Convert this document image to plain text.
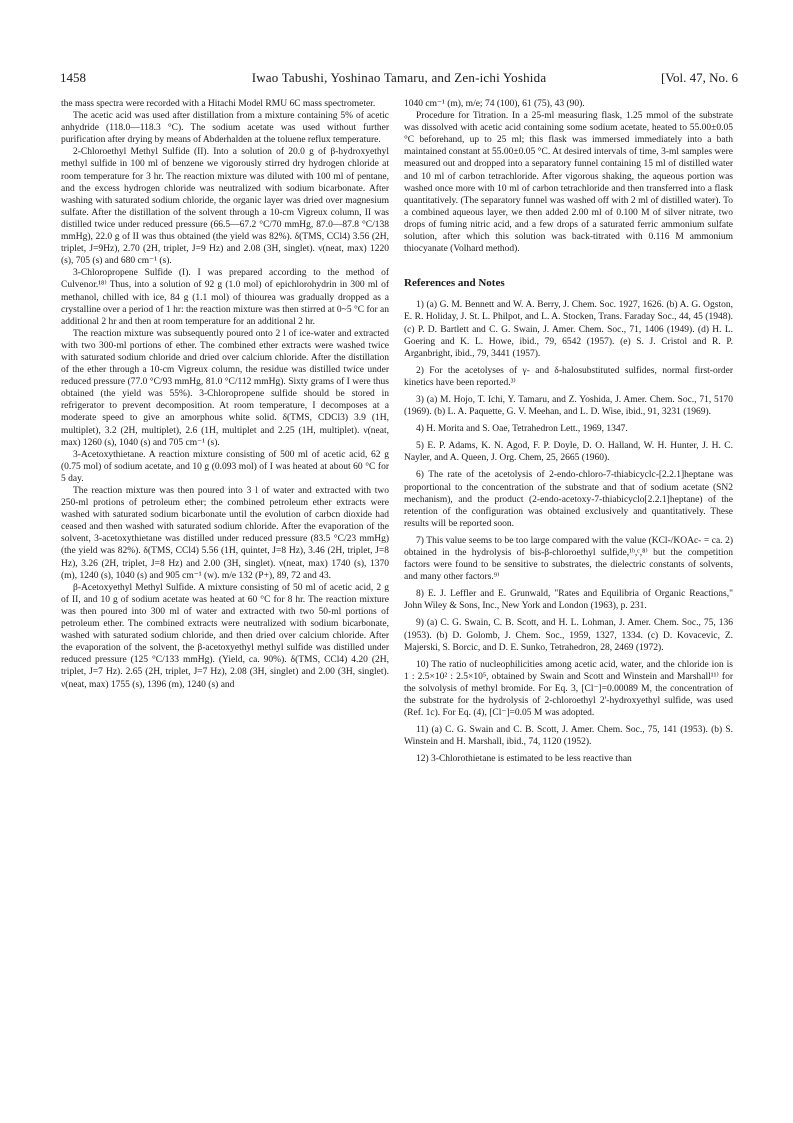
1458	Iwao Tabushi, Yoshinao Tamaru, and Zen-ichi Yoshida	[Vol. 47, No. 6

the mass spectra were recorded with a Hitachi Model RMU 6C mass spectrometer.

The acetic acid was used after distillation from a mixture containing 5% of acetic anhydride (118.0—118.3 °C). The sodium acetate was used without further purification after drying by means of Abderhalden at the toluene reflux temperature.

2-Chloroethyl Methyl Sulfide (II). Into a solution of 20.0 g of β-hydroxyethyl methyl sulfide in 100 ml of benzene we vigorously stirred dry hydrogen chloride at room temperature for 3 hr. The reaction mixture was diluted with 100 ml of pentane, and the excess hydrogen chloride was neutralized with sodium bicarbonate. After washing with saturated sodium chloride, the organic layer was dried over magnesium sulfate. After the distillation of the solvent through a 10-cm Vigreux column, II was distilled twice under reduced pressure (66.5—67.2 °C/70 mmHg, 87.0—87.8 °C/138 mmHg), 22.0 g of II was thus obtained (the yield was 82%). δ(TMS, CCl4) 3.56 (2H, triplet, J=9Hz), 2.70 (2H, triplet, J=9 Hz) and 2.08 (3H, singlet). ν(neat, max) 1220 (s), 705 (s) and 680 cm⁻¹ (s).

3-Chloropropene Sulfide (I). I was prepared according to the method of Culvenor.¹⁸⁾ Thus, into a solution of 92 g (1.0 mol) of epichlorohydrin in 300 ml of methanol, chilled with ice, 84 g (1.1 mol) of thiourea was gradually dropped as a crystalline over a period of 1 hr: the reaction mixture was then stirred at 0~5 °C for an additional 2 hr and then at room temperature for an additional 2 hr.

The reaction mixture was subsequently poured onto 2 l of ice-water and extracted with two 300-ml portions of ether. The combined ether extracts were washed twice with saturated sodium chloride and dried over calcium chloride. After the distillation of the ether through a 10-cm Vigreux column, the residue was distilled twice under reduced pressure (77.0 °C/93 mmHg, 81.0 °C/112 mmHg). Sixty grams of I were thus obtained (the yield was 55%). 3-Chloropropene sulfide should be stored in refrigerator to prevent decomposition. At room temperature, I decomposes at a moderate speed to give an amorphous white solid. δ(TMS, CDCl3) 3.9 (1H, multiplet), 3.2 (2H, multiplet), 2.6 (1H, multiplet and 2.25 (1H, multiplet). ν(neat, max) 1260 (s), 1040 (s) and 705 cm⁻¹ (s).

3-Acetoxythietane. A reaction mixture consisting of 500 ml of acetic acid, 62 g (0.75 mol) of sodium acetate, and 10 g (0.093 mol) of I was heated at about 60 °C for 5 day.

The reaction mixture was then poured into 3 l of water and extracted with two 250-ml protions of petroleum ether; the combined petroleum ether extracts were washed with saturated sodium bicarbonate until the evolution of carbcn dioxide had ceased and then washed with saturated sodium chloride. After the evaporation of the solvent, 3-acetoxythietane was distilled under reduced pressure (83.5 °C/23 mmHg) (the yield was 82%). δ(TMS, CCl4) 5.56 (1H, quintet, J=8 Hz), 3.46 (2H, triplet, J=8 Hz), 3.26 (2H, triplet, J=8 Hz) and 2.00 (3H, singlet). ν(neat, max) 1740 (s), 1370 (m), 1240 (s), 1040 (s) and 905 cm⁻¹ (w). m/e 132 (P+), 89, 72 and 43.

β-Acetoxyethyl Methyl Sulfide. A mixture consisting of 50 ml of acetic acid, 2 g of II, and 10 g of sodium acetate was heated at 60 °C for 8 hr. The reaction mixture was then poured into 300 ml of water and extracted with two 50-ml portions of petroleum ether. The combined extracts were neutralized with sodium bicarbonate, washed with saturated sodium chloride, and then dried over calcium chloride. After the evaporation of the solvent, the β-acetoxyethyl methyl sulfide was distilled under reduced pressure (125 °C/133 mmHg). (Yield, ca. 90%). δ(TMS, CCl4) 4.20 (2H, triplet, J=7 Hz). 2.65 (2H, triplet, J=7 Hz), 2.08 (3H, singlet) and 2.00 (3H, singlet). ν(neat, max) 1755 (s), 1396 (m), 1240 (s) and

1040 cm⁻¹ (m), m/e; 74 (100), 61 (75), 43 (90).

Procedure for Titration. In a 25-ml measuring flask, 1.25 mmol of the substrate was dissolved with acetic acid containing some sodium acetate, heated to 55.00±0.05 °C beforehand, up to 25 ml; this flask was immersed immediately into a bath maintained constant at 55.00±0.05 °C. At desired intervals of time, 3-ml samples were measured out and dropped into a separatory funnel containing 15 ml of distilled water and 10 ml of carbon tetrachloride. After vigorous shaking, the aqueous portion was washed once more with 10 ml of carbon tetrachloride and then transferred into a flask quantitatively. (The separatory funnel was washed off with 2 ml of distilled water). To a combined aqueous layer, we then added 2.00 ml of 0.100 M of silver nitrate, two drops of fuming nitric acid, and a few drops of a saturated ferric ammonium sulfate solution, after which this solution was back-titrated with 0.116 M ammonium thiocyanate (Volhard method).

References and Notes

1) (a) G. M. Bennett and W. A. Berry, J. Chem. Soc. 1927, 1626. (b) A. G. Ogston, E. R. Holiday, J. St. L. Philpot, and L. A. Stocken, Trans. Faraday Soc., 44, 45 (1948). (c) P. D. Bartlett and C. G. Swain, J. Amer. Chem. Soc., 71, 1406 (1949). (d) H. L. Goering and K. L. Howe, ibid., 79, 6542 (1957). (e) S. J. Cristol and R. P. Arganbright, ibid., 79, 3441 (1957).

2) For the acetolyses of γ- and δ-halosubstituted sulfides, normal first-order kinetics have been reported.³⁾

3) (a) M. Hojo, T. Ichi, Y. Tamaru, and Z. Yoshida, J. Amer. Chem. Soc., 71, 5170 (1969). (b) L. A. Paquette, G. V. Meehan, and L. D. Wise, ibid., 91, 3231 (1969).

4) H. Morita and S. Oae, Tetrahedron Lett., 1969, 1347.

5) E. P. Adams, K. N. Agod, F. P. Doyle, D. O. Halland, W. H. Hunter, J. H. C. Nayler, and A. Queen, J. Org. Chem, 25, 2665 (1960).

6) The rate of the acetolysis of 2-endo-chloro-7-thiabicyclc-[2.2.1]heptane was proportional to the concentration of the substrate and that of sodium acetate (SN2 mechanism), and the product (2-endo-acetoxy-7-thiabicyclo[2.2.1]heptane) of the retention of the configuration was obtained exclusively and quantitatively. These results will be reported soon.

7) This value seems to be too large compared with the value (KCl-/KOAc- = ca. 2) obtained in the hydrolysis of bis-β-chloroethyl sulfide,¹ᵇ,ᶜ,⁸⁾ but the competition factors were found to be sensitive to substrates, the dielectric constants of solvents, and many other factors.⁹⁾

8) E. J. Leffler and E. Grunwald, "Rates and Equilibria of Organic Reactions," John Wiley & Sons, Inc., New York and London (1963), p. 231.

9) (a) C. G. Swain, C. B. Scott, and H. L. Lohman, J. Amer. Chem. Soc., 75, 136 (1953). (b) D. Golomb, J. Chem. Soc., 1959, 1327, 1334. (c) D. Kovacevic, Z. Majerski, S. Borcic, and D. E. Sunko, Tetrahedron, 28, 2469 (1972).

10) The ratio of nucleophilicities among acetic acid, water, and the chloride ion is 1 : 2.5×10² : 2.5×10⁵, obtained by Swain and Scott and Winstein and Marshall¹¹⁾ for the solvolysis of methyl bromide. For Eq. 3, [Cl⁻]=0.00089 M, the concentration of the substrate for the hydrolysis of 2-chloroethyl 2'-hydroxyethyl sulfide, was used (Ref. 1c). For Eq. (4), [Cl⁻]=0.05 M was adopted.

11) (a) C. G. Swain and C. B. Scott, J. Amer. Chem. Soc., 75, 141 (1953). (b) S. Winstein and H. Marshall, ibid., 74, 1120 (1952).

12) 3-Chlorothietane is estimated to be less reactive than
